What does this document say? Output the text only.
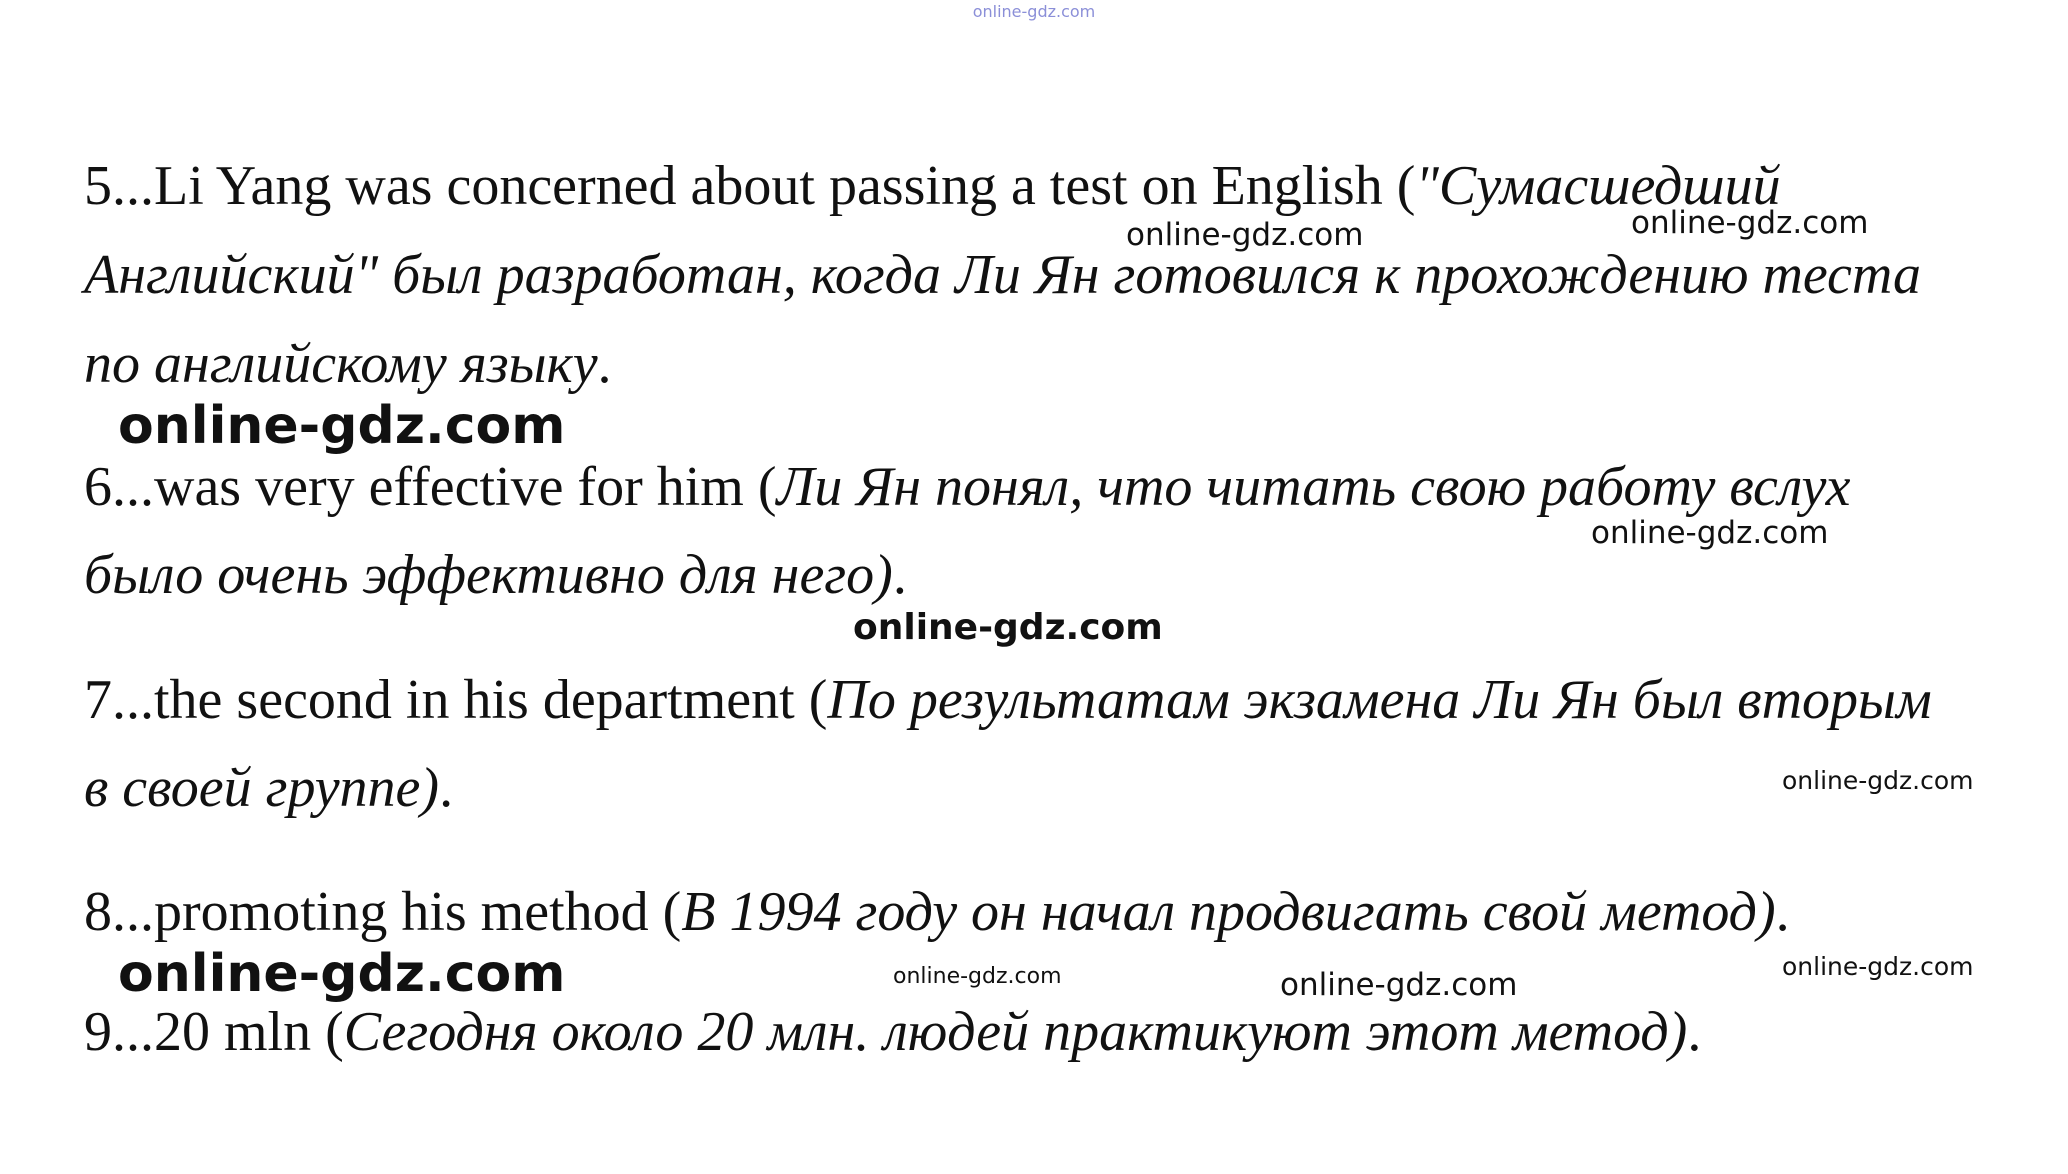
online-gdz.com

5...Li Yang was concerned about passing a test on English ("Сумасшедший

Английский" был разработан, когда Ли Ян готовился к прохождению теста

по английскому языку.

6...was very effective for him (Ли Ян понял, что читать свою работу вслух

было очень эффективно для него).

7...the second in his department (По результатам экзамена Ли Ян был вторым

в своей группе).

8...promoting his method (В 1994 году он начал продвигать свой метод).

9...20 mln (Сегодня около 20 млн. людей практикуют этот метод).

online-gdz.com	online-gdz.com
online-gdz.com
online-gdz.com
online-gdz.com
online-gdz.com
online-gdz.com	online-gdz.com	online-gdz.com
online-gdz.com
